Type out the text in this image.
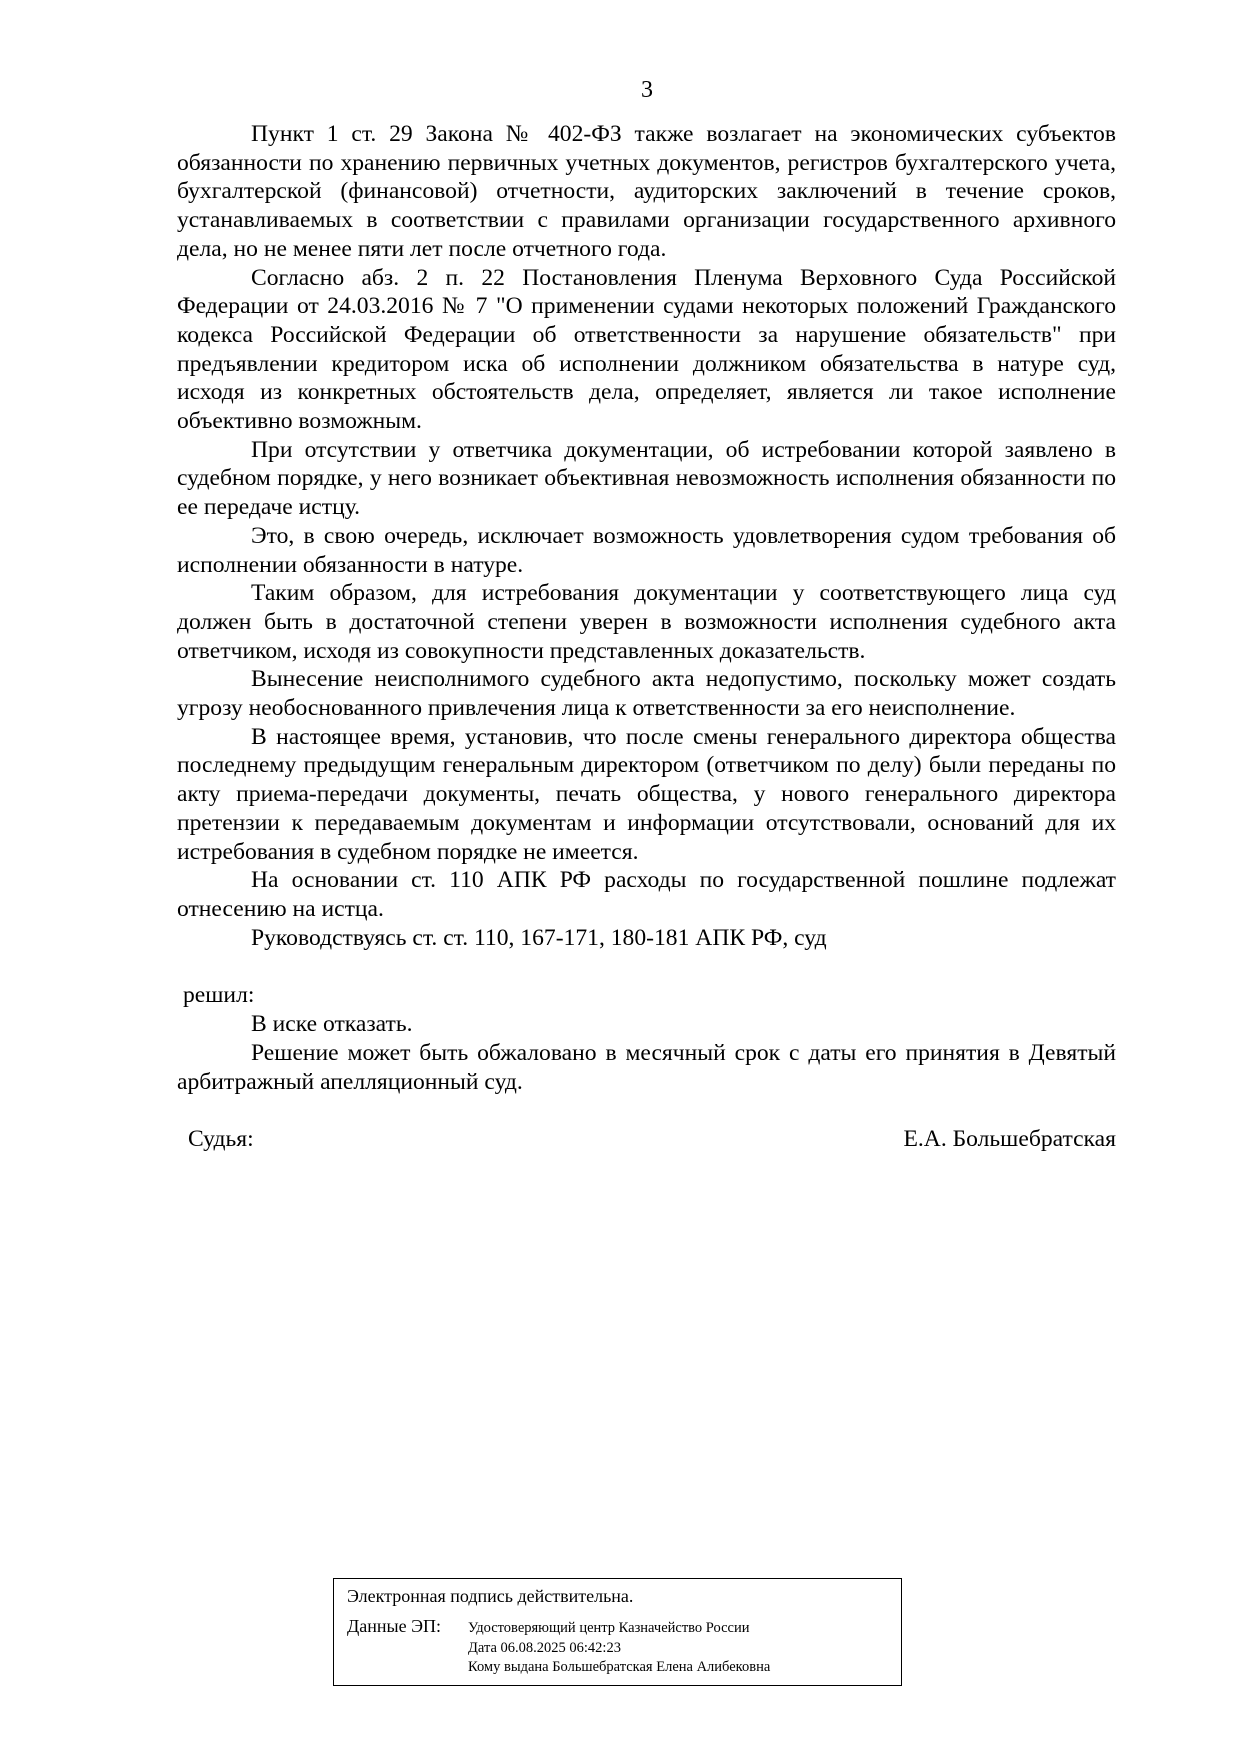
3

Пункт 1 ст. 29 Закона № 402-ФЗ также возлагает на экономических субъектов обязанности по хранению первичных учетных документов, регистров бухгалтерского учета, бухгалтерской (финансовой) отчетности, аудиторских заключений в течение сроков, устанавливаемых в соответствии с правилами организации государственного архивного дела, но не менее пяти лет после отчетного года.

Согласно абз. 2 п. 22 Постановления Пленума Верховного Суда Российской Федерации от 24.03.2016 № 7 "О применении судами некоторых положений Гражданского кодекса Российской Федерации об ответственности за нарушение обязательств" при предъявлении кредитором иска об исполнении должником обязательства в натуре суд, исходя из конкретных обстоятельств дела, определяет, является ли такое исполнение объективно возможным.

При отсутствии у ответчика документации, об истребовании которой заявлено в судебном порядке, у него возникает объективная невозможность исполнения обязанности по ее передаче истцу.

Это, в свою очередь, исключает возможность удовлетворения судом требования об исполнении обязанности в натуре.

Таким образом, для истребования документации у соответствующего лица суд должен быть в достаточной степени уверен в возможности исполнения судебного акта ответчиком, исходя из совокупности представленных доказательств.

Вынесение неисполнимого судебного акта недопустимо, поскольку может создать угрозу необоснованного привлечения лица к ответственности за его неисполнение.

В настоящее время, установив, что после смены генерального директора общества последнему предыдущим генеральным директором (ответчиком по делу) были переданы по акту приема-передачи документы, печать общества, у нового генерального директора претензии к передаваемым документам и информации отсутствовали, оснований для их истребования в судебном порядке не имеется.

На основании ст. 110 АПК РФ расходы по государственной пошлине подлежат отнесению на истца.

Руководствуясь ст. ст. 110, 167-171, 180-181 АПК РФ, суд

решил:

В иске отказать.

Решение может быть обжаловано в месячный срок с даты его принятия в Девятый арбитражный апелляционный суд.

Судья:	Е.А. Большебратская
Электронная подпись действительна.
Данные ЭП: Удостоверяющий центр Казначейство России
Дата 06.08.2025 06:42:23
Кому выдана Большебратская Елена Алибековна
